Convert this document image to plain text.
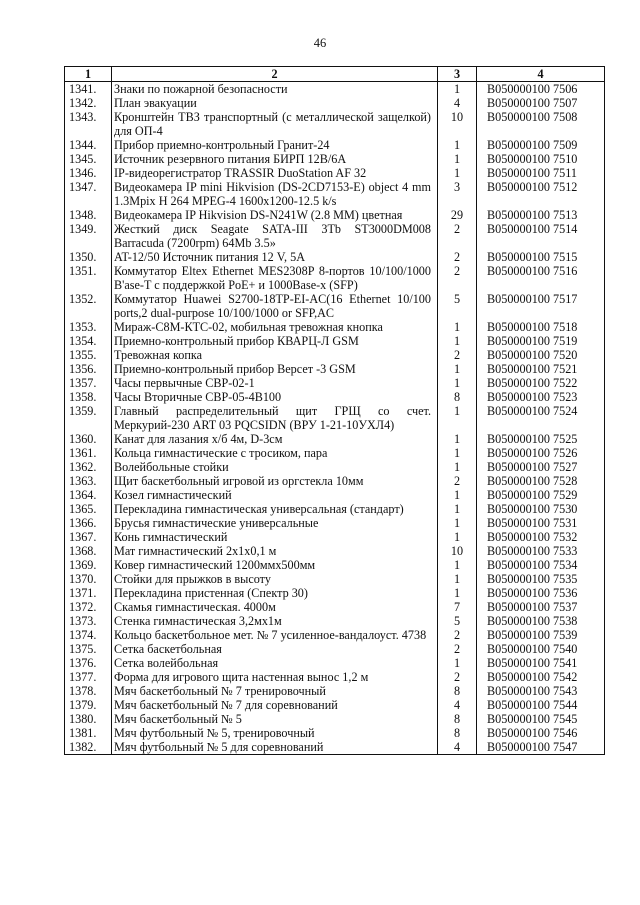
46
1	2	3	4
1341.	Знаки по пожарной безопасности	1	В050000100 7506
1342.	План эвакуации	4	В050000100 7507
1343.	Кронштейн ТВЗ транспортный (с металлической защелкой) для ОП-4	10	В050000100 7508
1344.	Прибор приемно-контрольный Гранит-24	1	В050000100 7509
1345.	Источник резервного питания БИРП 12В/6А	1	В050000100 7510
1346.	IP-видеорегистратор TRASSIR DuoStation AF 32	1	В050000100 7511
1347.	Видеокамера IP mini Hikvision (DS-2CD7153-E) object 4 mm 1.3Mpix H 264 MPEG-4 1600x1200-12.5 k/s	3	В050000100 7512
1348.	Видеокамера IP Hikvision DS-N241W (2.8 MM) цветная	29	В050000100 7513
1349.	Жесткий диск Seagate SATA-III 3Tb ST3000DM008 Barracuda (7200rpm) 64Mb 3.5»	2	В050000100 7514
1350.	AT-12/50 Источник питания 12 V, 5A	2	В050000100 7515
1351.	Коммутатор Eltex Ethernet MES2308P 8-портов 10/100/1000 B'ase-T с поддержкой PoE+ и 1000Base-x (SFP)	2	В050000100 7516
1352.	Коммутатор Huawei S2700-18TP-EI-AC(16 Ethernet 10/100 ports,2 dual-purpose 10/100/1000 or SFP,AC	5	В050000100 7517
1353.	Мираж-С8М-КТС-02, мобильная тревожная кнопка	1	В050000100 7518
1354.	Приемно-контрольный прибор КВАРЦ-Л GSM	1	В050000100 7519
1355.	Тревожная копка	2	В050000100 7520
1356.	Приемно-контрольный прибор Версет -3 GSM	1	В050000100 7521
1357.	Часы первычные СВР-02-1	1	В050000100 7522
1358.	Часы Вторичные СВР-05-4В100	8	В050000100 7523
1359.	Главный распределительный щит ГРЩ со счет. Меркурий-230 ART 03 PQCSIDN (ВРУ 1-21-10УХЛ4)	1	В050000100 7524
1360.	Канат для лазания х/б 4м, D-3см	1	В050000100 7525
1361.	Кольца гимнастические с тросиком, пара	1	В050000100 7526
1362.	Волейбольные стойки	1	В050000100 7527
1363.	Щит баскетбольный игровой из оргстекла 10мм	2	В050000100 7528
1364.	Козел гимнастический	1	В050000100 7529
1365.	Перекладина гимнастическая универсальная (стандарт)	1	В050000100 7530
1366.	Брусья гимнастические универсальные	1	В050000100 7531
1367.	Конь гимнастический	1	В050000100 7532
1368.	Мат гимнастический 2х1х0,1 м	10	В050000100 7533
1369.	Ковер гимнастический 1200ммх500мм	1	В050000100 7534
1370.	Стойки для прыжков в высоту	1	В050000100 7535
1371.	Перекладина пристенная (Спектр 30)	1	В050000100 7536
1372.	Скамья гимнастическая. 4000м	7	В050000100 7537
1373.	Стенка гимнастическая 3,2мх1м	5	В050000100 7538
1374.	Кольцо баскетбольное мет. № 7 усиленное-вандалоуст. 4738	2	В050000100 7539
1375.	Сетка баскетбольная	2	В050000100 7540
1376.	Сетка волейбольная	1	В050000100 7541
1377.	Форма для игрового щита настенная вынос 1,2 м	2	В050000100 7542
1378.	Мяч баскетбольный № 7 тренировочный	8	В050000100 7543
1379.	Мяч баскетбольный № 7 для соревнований	4	В050000100 7544
1380.	Мяч баскетбольный № 5	8	В050000100 7545
1381.	Мяч футбольный № 5, тренировочный	8	В050000100 7546
1382.	Мяч футбольный № 5 для соревнований	4	В050000100 7547
